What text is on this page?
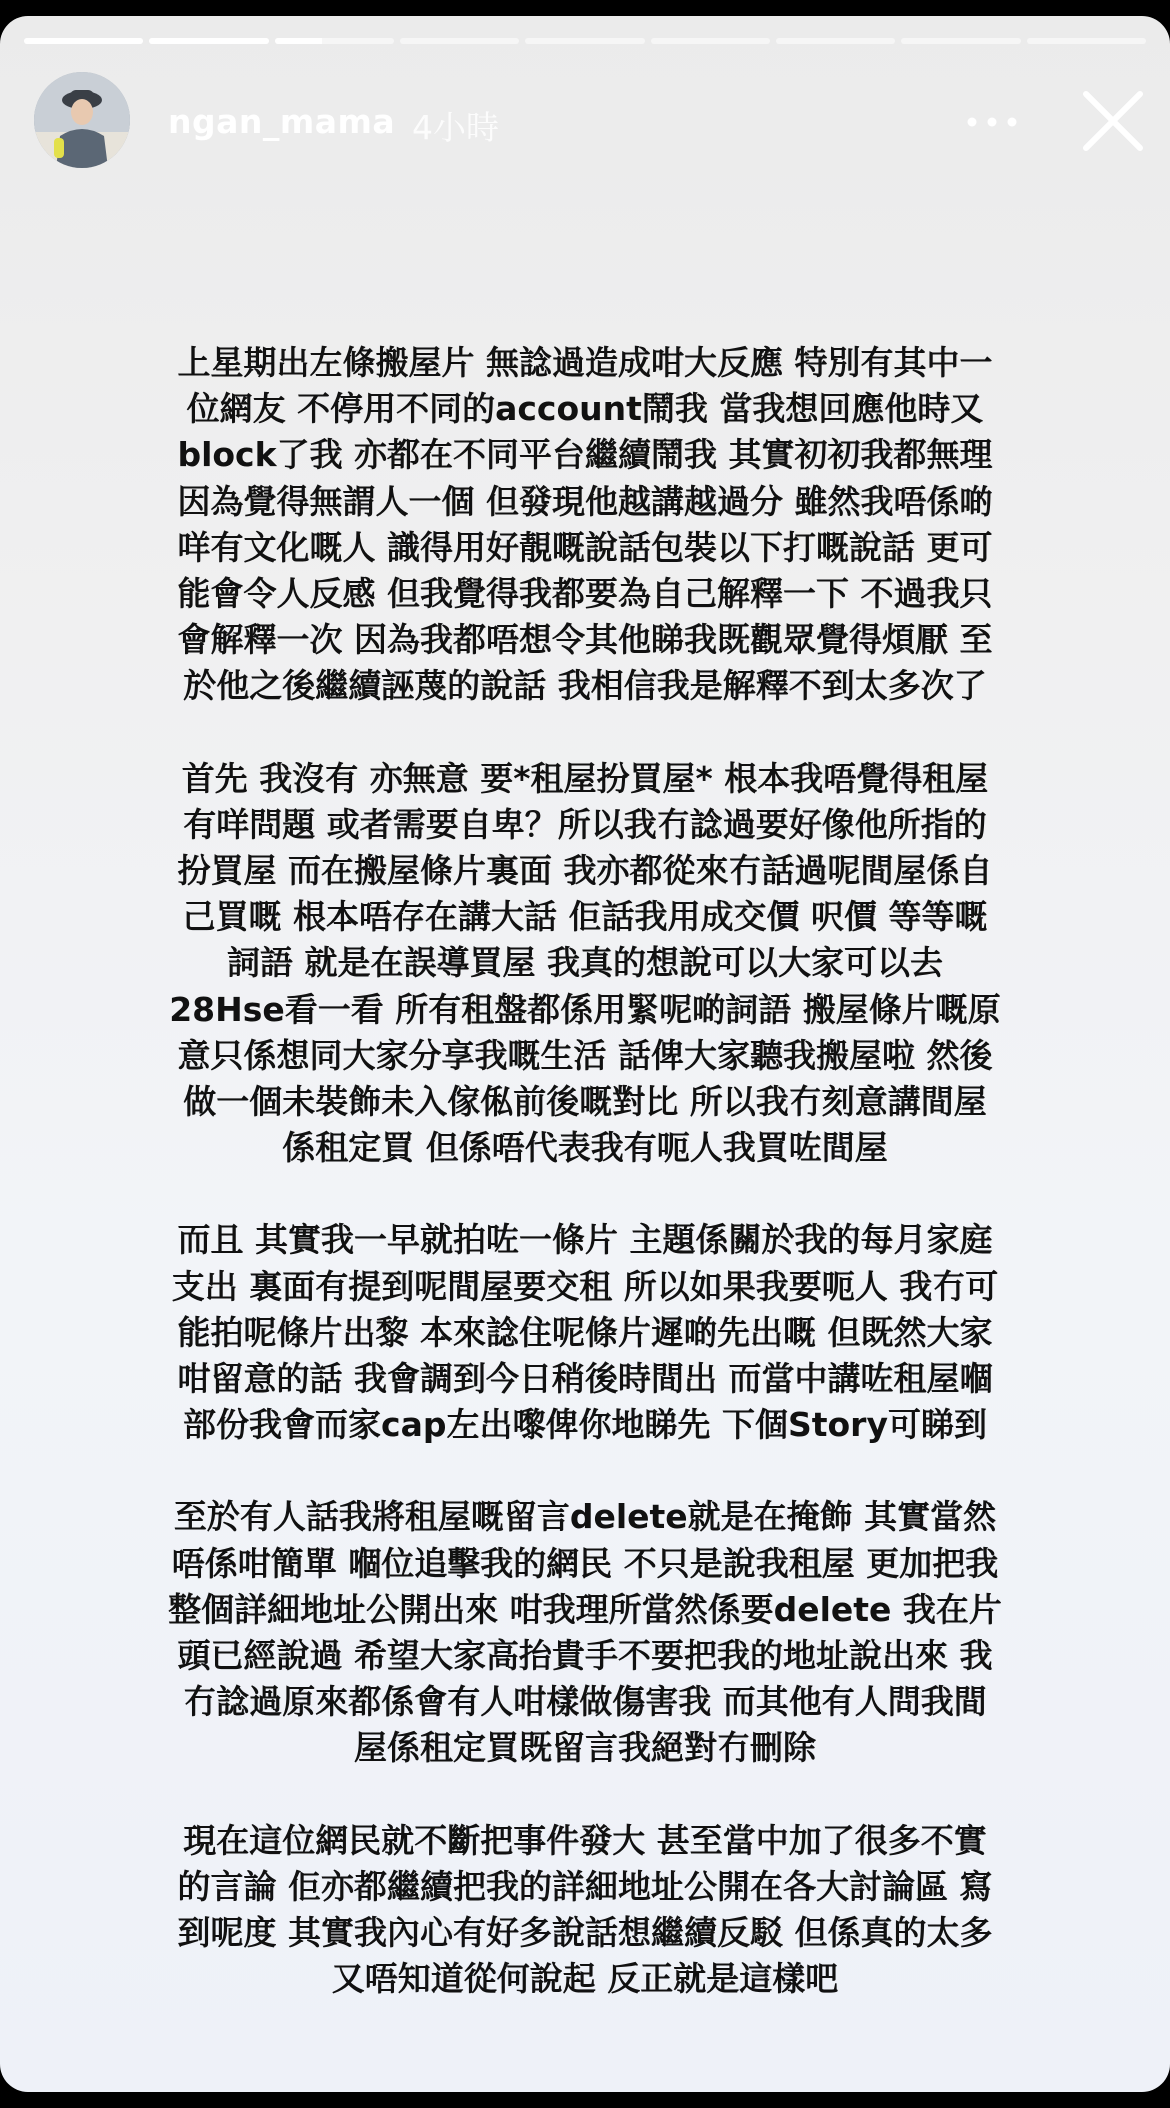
ngan_mama 4小時
上星期出左條搬屋片 無諗過造成咁大反應 特別有其中一
位網友 不停用不同的account鬧我 當我想回應他時又
block了我 亦都在不同平台繼續鬧我 其實初初我都無理
因為覺得無謂人一個 但發現他越講越過分 雖然我唔係啲
咩有文化嘅人 識得用好靚嘅說話包裝以下打嘅說話 更可
能會令人反感 但我覺得我都要為自己解釋一下 不過我只
會解釋一次 因為我都唔想令其他睇我既觀眾覺得煩厭 至
於他之後繼續誣蔑的說話 我相信我是解釋不到太多次了
首先 我沒有 亦無意 要*租屋扮買屋* 根本我唔覺得租屋
有咩問題 或者需要自卑？所以我冇諗過要好像他所指的
扮買屋 而在搬屋條片裏面 我亦都從來冇話過呢間屋係自
己買嘅 根本唔存在講大話 佢話我用成交價 呎價 等等嘅
詞語 就是在誤導買屋 我真的想說可以大家可以去
28Hse看一看 所有租盤都係用緊呢啲詞語 搬屋條片嘅原
意只係想同大家分享我嘅生活 話俾大家聽我搬屋啦 然後
做一個未裝飾未入傢俬前後嘅對比 所以我冇刻意講間屋
係租定買 但係唔代表我有呃人我買咗間屋
而且 其實我一早就拍咗一條片 主題係關於我的每月家庭
支出 裏面有提到呢間屋要交租 所以如果我要呃人 我冇可
能拍呢條片出黎 本來諗住呢條片遲啲先出嘅 但既然大家
咁留意的話 我會調到今日稍後時間出 而當中講咗租屋嗰
部份我會而家cap左出嚟俾你地睇先 下個Story可睇到
至於有人話我將租屋嘅留言delete就是在掩飾 其實當然
唔係咁簡單 嗰位追擊我的網民 不只是說我租屋 更加把我
整個詳細地址公開出來 咁我理所當然係要delete 我在片
頭已經說過 希望大家高抬貴手不要把我的地址說出來 我
冇諗過原來都係會有人咁樣做傷害我 而其他有人問我間
屋係租定買既留言我絕對冇刪除
現在這位網民就不斷把事件發大 甚至當中加了很多不實
的言論 佢亦都繼續把我的詳細地址公開在各大討論區 寫
到呢度 其實我內心有好多說話想繼續反駁 但係真的太多
又唔知道從何說起 反正就是這樣吧
